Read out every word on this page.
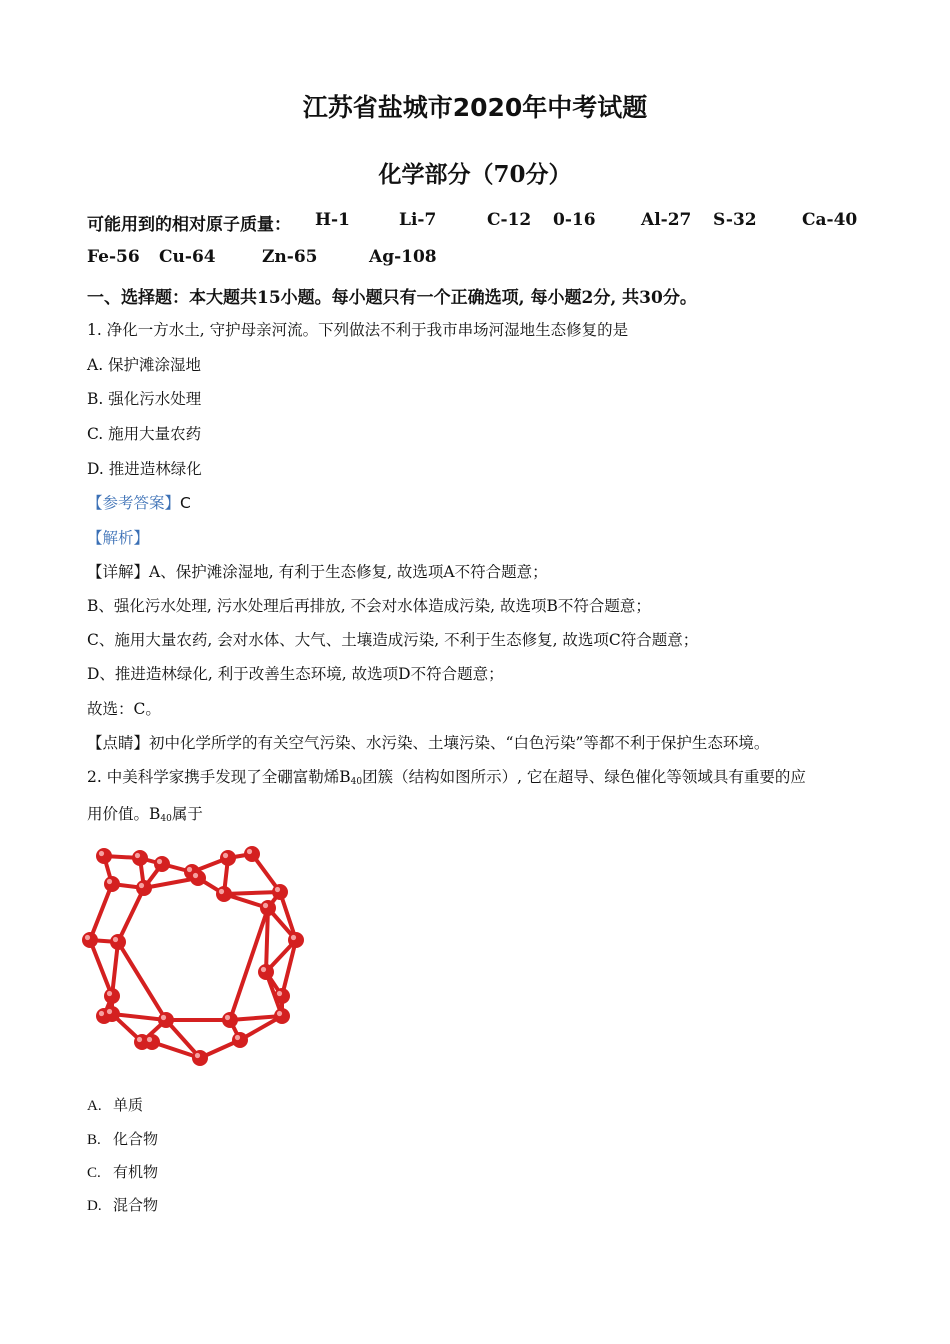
江苏省盐城市2020年中考试题
化学部分（70分）
可能用到的相对原子质量： H-1	Li-7	C-12 0-16	Al-27 S-32	Ca-40
Fe-56 Cu-64	Zn-65	Ag-108
一、选择题：本大题共15小题。每小题只有一个正确选项, 每小题2分, 共30分。
1. 净化一方水土, 守护母亲河流。下列做法不利于我市串场河湿地生态修复的是
A. 保护滩涂湿地
B. 强化污水处理
C. 施用大量农药
D. 推进造林绿化
【参考答案】C
【解析】
【详解】A、保护滩涂湿地, 有利于生态修复, 故选项A不符合题意；
B、强化污水处理, 污水处理后再排放, 不会对水体造成污染, 故选项B不符合题意；
C、施用大量农药, 会对水体、大气、土壤造成污染, 不利于生态修复, 故选项C符合题意；
D、推进造林绿化, 利于改善生态环境, 故选项D不符合题意；
故选：C。
【点睛】初中化学所学的有关空气污染、水污染、土壤污染、“白色污染”等都不利于保护生态环境。
2. 中美科学家携手发现了全硼富勒烯$B_{40}$团簇（结构如图所示）, 它在超导、绿色催化等领域具有重要的应
用价值。$B_{40}$属于
A. 单质
B. 化合物
C. 有机物
D. 混合物
